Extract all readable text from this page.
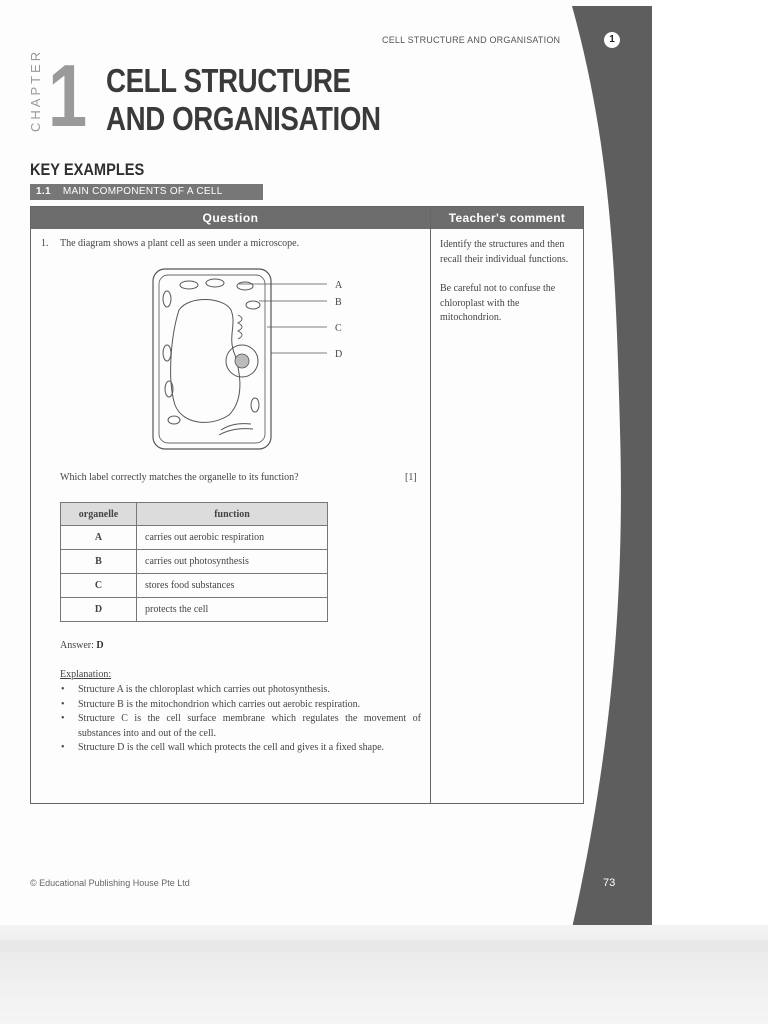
CELL STRUCTURE AND ORGANISATION	1
CHAPTER 1 CELL STRUCTURE AND ORGANISATION
KEY EXAMPLES
1.1 MAIN COMPONENTS OF A CELL
Question	Teacher's comment
1. The diagram shows a plant cell as seen under a microscope.
A
B
C
D
Which label correctly matches the organelle to its function?	[1]
organelle	function
A	carries out aerobic respiration
B	carries out photosynthesis
C	stores food substances
D	protects the cell
Answer: D
Explanation:
• Structure A is the chloroplast which carries out photosynthesis.
• Structure B is the mitochondrion which carries out aerobic respiration.
• Structure C is the cell surface membrane which regulates the movement of substances into and out of the cell.
• Structure D is the cell wall which protects the cell and gives it a fixed shape.

Identify the structures and then recall their individual functions.

Be careful not to confuse the chloroplast with the mitochondrion.

© Educational Publishing House Pte Ltd	73
